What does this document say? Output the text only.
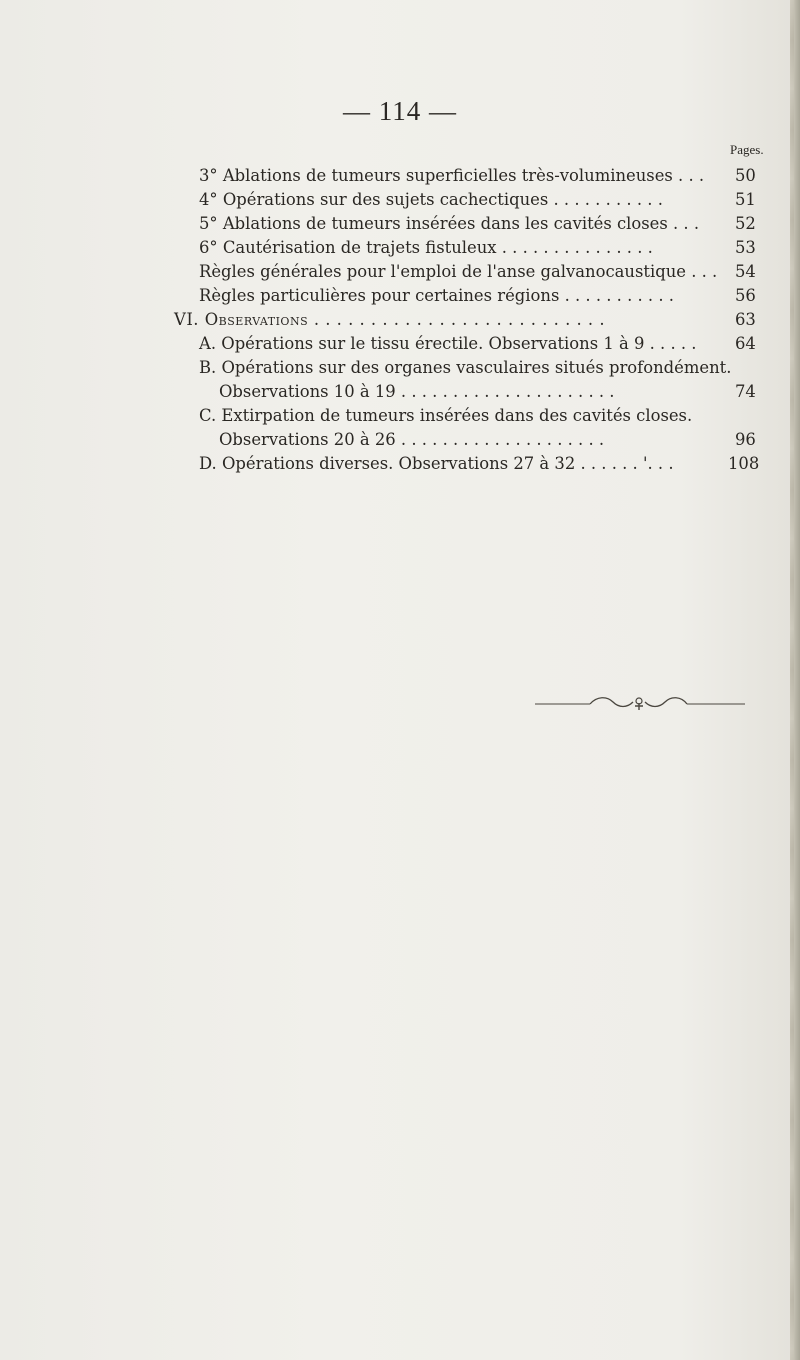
— 114 —
Pages.
3° Ablations de tumeurs superficielles très-volumineuses . . . 50
4° Opérations sur des sujets cachectiques . . . . . . . . . . .	51
5° Ablations de tumeurs insérées dans les cavités closes . . . 52
6° Cautérisation de trajets fistuleux . . . . . . . . . . . . . . .	53
Règles générales pour l'emploi de l'anse galvanocaustique . . . 54
Règles particulières pour certaines régions . . . . . . . . . . .	56
VI. Observations . . . . . . . . . . . . . . . . . . . . . . . . . .	63
A. Opérations sur le tissu érectile. Observations 1 à 9 . . . . . 64
B. Opérations sur des organes vasculaires situés profondément.
Observations 10 à 19 . . . . . . . . . . . . . . . . . . . . .	74
C. Extirpation de tumeurs insérées dans des cavités closes.
Observations 20 à 26 . . . . . . . . . . . . . . . . . . . .	96
D. Opérations diverses. Observations 27 à 32 . . . . . . '. . .	108
